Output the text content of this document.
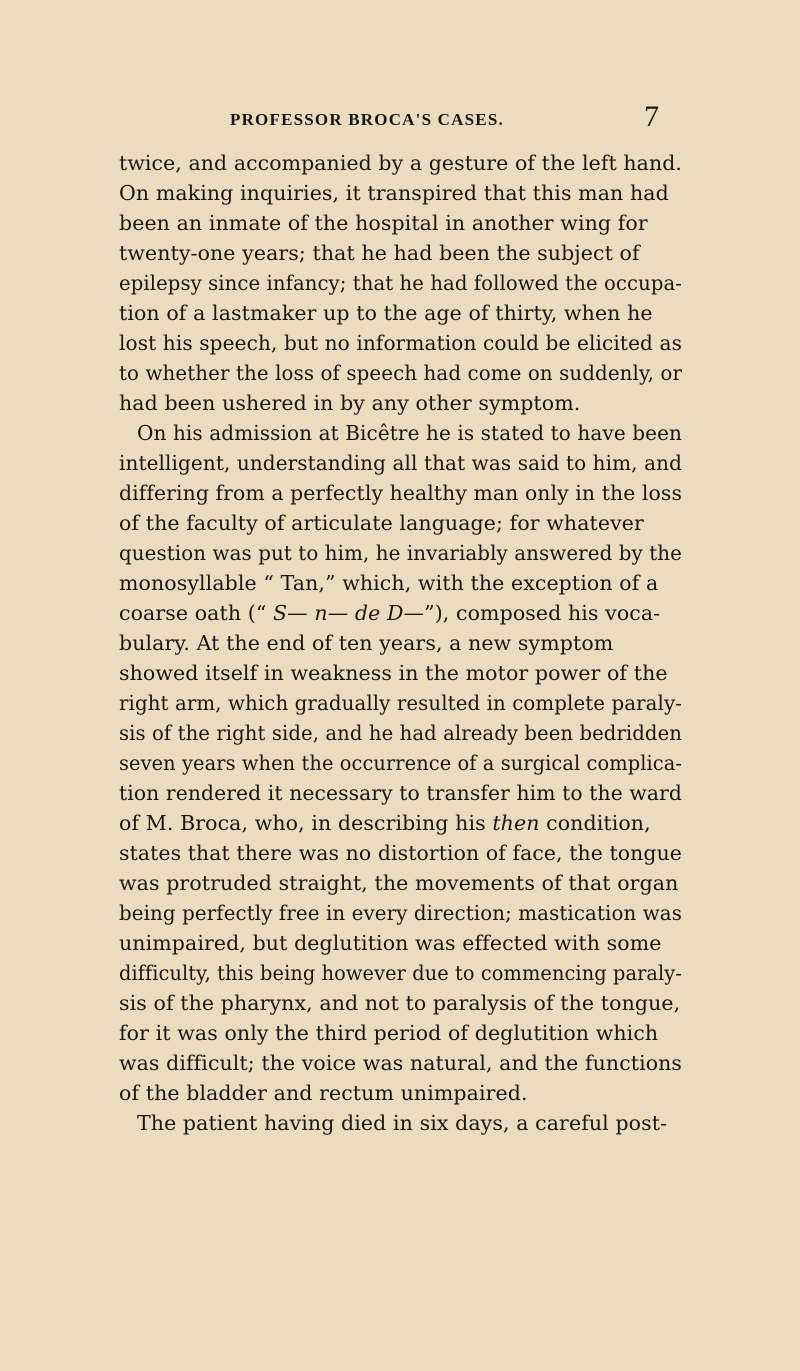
PROFESSOR BROCA'S CASES.	7
twice, and accompanied by a gesture of the left hand.
On making inquiries, it transpired that this man had
been an inmate of the hospital in another wing for
twenty-one years; that he had been the subject of
epilepsy since infancy; that he had followed the occupa-
tion of a lastmaker up to the age of thirty, when he
lost his speech, but no information could be elicited as
to whether the loss of speech had come on suddenly, or
had been ushered in by any other symptom.
On his admission at Bicêtre he is stated to have been
intelligent, understanding all that was said to him, and
differing from a perfectly healthy man only in the loss
of the faculty of articulate language; for whatever
question was put to him, he invariably answered by the
monosyllable “ Tan,” which, with the exception of a
coarse oath (“ S— n— de D—”), composed his voca-
bulary. At the end of ten years, a new symptom
showed itself in weakness in the motor power of the
right arm, which gradually resulted in complete paraly-
sis of the right side, and he had already been bedridden
seven years when the occurrence of a surgical complica-
tion rendered it necessary to transfer him to the ward
of M. Broca, who, in describing his then condition,
states that there was no distortion of face, the tongue
was protruded straight, the movements of that organ
being perfectly free in every direction; mastication was
unimpaired, but deglutition was effected with some
difficulty, this being however due to commencing paraly-
sis of the pharynx, and not to paralysis of the tongue,
for it was only the third period of deglutition which
was difficult; the voice was natural, and the functions
of the bladder and rectum unimpaired.
The patient having died in six days, a careful post-
